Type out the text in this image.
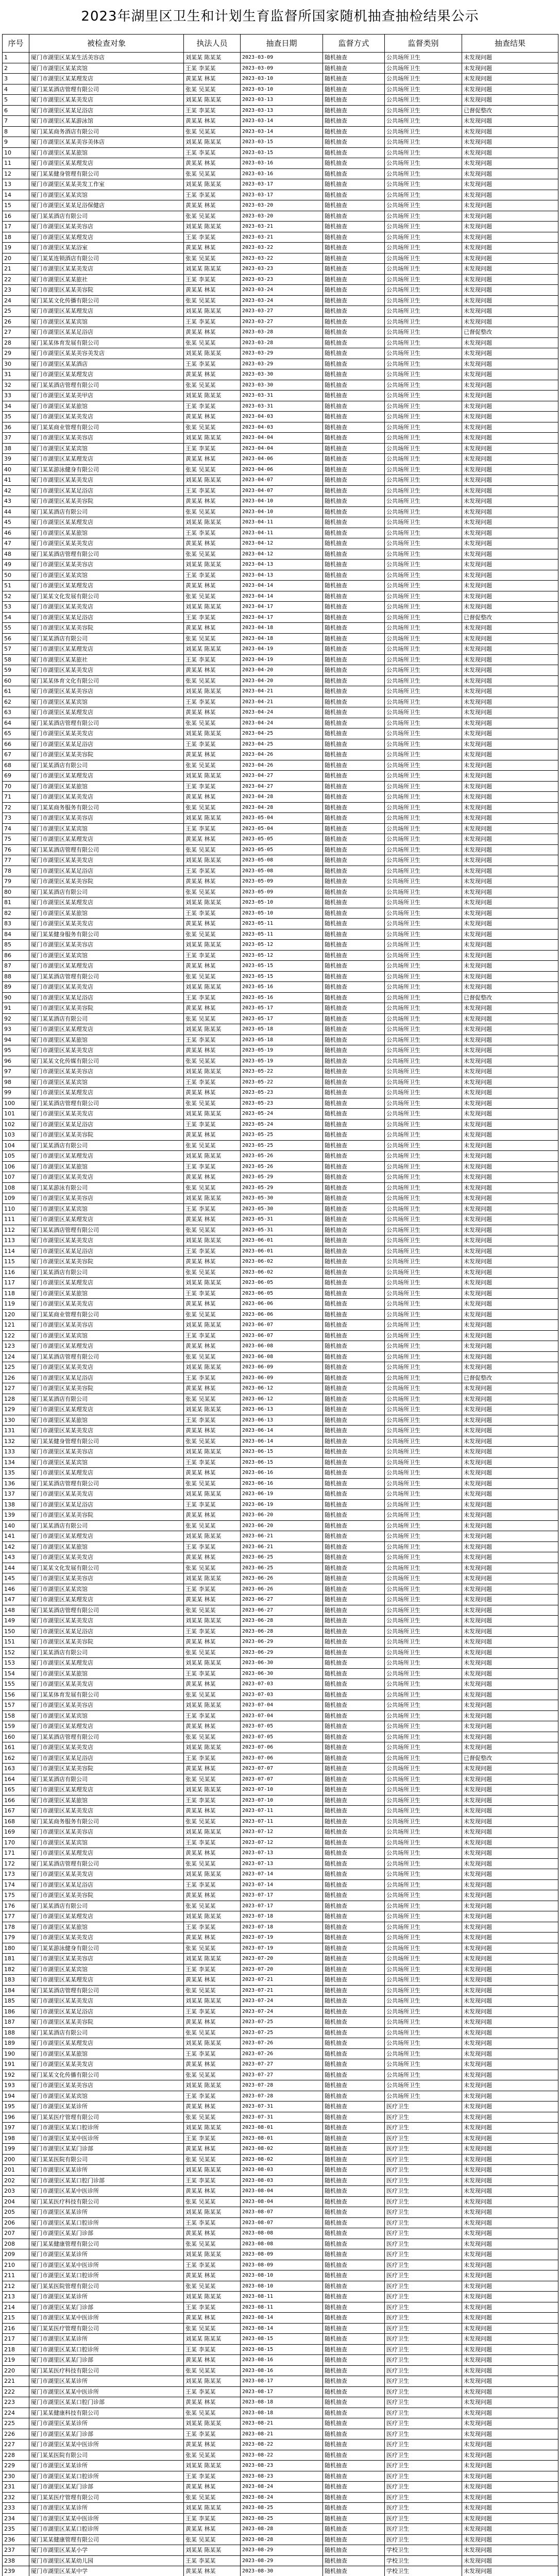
2023年湖里区卫生和计划生育监督所国家随机抽查抽检结果公示
序号	被检查对象	执法人员	抽查日期	监督方式	监督类别	抽查结果
1	厦门市湖里区某某生活美容店	刘某某 陈某某	2023-03-09	随机抽查	公共场所卫生	未发现问题
2	厦门市湖里区某某宾馆	王某 李某某	2023-03-09	随机抽查	公共场所卫生	未发现问题
3	厦门市湖里区某某理发店	黄某某 林某	2023-03-10	随机抽查	公共场所卫生	未发现问题
4	厦门某某酒店管理有限公司	张某 吴某某	2023-03-10	随机抽查	公共场所卫生	未发现问题
5	厦门市湖里区某某美发店	刘某某 陈某某	2023-03-13	随机抽查	公共场所卫生	未发现问题
6	厦门市湖里区某某足浴店	王某 李某某	2023-03-13	随机抽查	公共场所卫生	已督促整改
7	厦门市湖里区某某游泳馆	黄某某 林某	2023-03-14	随机抽查	公共场所卫生	未发现问题
8	厦门某某商务酒店有限公司	张某 吴某某	2023-03-14	随机抽查	公共场所卫生	未发现问题
9	厦门市湖里区某某美容美体店	刘某某 陈某某	2023-03-15	随机抽查	公共场所卫生	未发现问题
10	厦门市湖里区某某旅馆	王某 李某某	2023-03-15	随机抽查	公共场所卫生	未发现问题
11	厦门市湖里区某某理发店	黄某某 林某	2023-03-16	随机抽查	公共场所卫生	未发现问题
12	厦门某某健身管理有限公司	张某 吴某某	2023-03-16	随机抽查	公共场所卫生	未发现问题
13	厦门市湖里区某某美发工作室	刘某某 陈某某	2023-03-17	随机抽查	公共场所卫生	未发现问题
14	厦门市湖里区某某宾馆	王某 李某某	2023-03-17	随机抽查	公共场所卫生	未发现问题
15	厦门市湖里区某某足浴保健店	黄某某 林某	2023-03-20	随机抽查	公共场所卫生	未发现问题
16	厦门某某酒店有限公司	张某 吴某某	2023-03-20	随机抽查	公共场所卫生	未发现问题
17	厦门市湖里区某某美容店	刘某某 陈某某	2023-03-21	随机抽查	公共场所卫生	未发现问题
18	厦门市湖里区某某理发店	王某 李某某	2023-03-21	随机抽查	公共场所卫生	未发现问题
19	厦门市湖里区某某浴室	黄某某 林某	2023-03-22	随机抽查	公共场所卫生	未发现问题
20	厦门某某连锁酒店有限公司	张某 吴某某	2023-03-22	随机抽查	公共场所卫生	未发现问题
21	厦门市湖里区某某美发店	刘某某 陈某某	2023-03-23	随机抽查	公共场所卫生	未发现问题
22	厦门市湖里区某某旅社	王某 李某某	2023-03-23	随机抽查	公共场所卫生	未发现问题
23	厦门市湖里区某某美容院	黄某某 林某	2023-03-24	随机抽查	公共场所卫生	未发现问题
24	厦门某某文化传播有限公司	张某 吴某某	2023-03-24	随机抽查	公共场所卫生	未发现问题
25	厦门市湖里区某某理发店	刘某某 陈某某	2023-03-27	随机抽查	公共场所卫生	未发现问题
26	厦门市湖里区某某宾馆	王某 李某某	2023-03-27	随机抽查	公共场所卫生	未发现问题
27	厦门市湖里区某某足浴店	黄某某 林某	2023-03-28	随机抽查	公共场所卫生	已督促整改
28	厦门某某体育发展有限公司	张某 吴某某	2023-03-28	随机抽查	公共场所卫生	未发现问题
29	厦门市湖里区某某美容美发店	刘某某 陈某某	2023-03-29	随机抽查	公共场所卫生	未发现问题
30	厦门市湖里区某某酒店	王某 李某某	2023-03-29	随机抽查	公共场所卫生	未发现问题
31	厦门市湖里区某某理发店	黄某某 林某	2023-03-30	随机抽查	公共场所卫生	未发现问题
32	厦门某某酒店管理有限公司	张某 吴某某	2023-03-30	随机抽查	公共场所卫生	未发现问题
33	厦门市湖里区某某美甲店	刘某某 陈某某	2023-03-31	随机抽查	公共场所卫生	未发现问题
34	厦门市湖里区某某旅馆	王某 李某某	2023-03-31	随机抽查	公共场所卫生	未发现问题
35	厦门市湖里区某某美发店	黄某某 林某	2023-04-03	随机抽查	公共场所卫生	未发现问题
36	厦门某某商业管理有限公司	张某 吴某某	2023-04-03	随机抽查	公共场所卫生	未发现问题
37	厦门市湖里区某某美容店	刘某某 陈某某	2023-04-04	随机抽查	公共场所卫生	未发现问题
38	厦门市湖里区某某宾馆	王某 李某某	2023-04-04	随机抽查	公共场所卫生	未发现问题
39	厦门市湖里区某某理发店	黄某某 林某	2023-04-06	随机抽查	公共场所卫生	未发现问题
40	厦门某某游泳健身有限公司	张某 吴某某	2023-04-06	随机抽查	公共场所卫生	未发现问题
41	厦门市湖里区某某美发店	刘某某 陈某某	2023-04-07	随机抽查	公共场所卫生	未发现问题
42	厦门市湖里区某某足浴店	王某 李某某	2023-04-07	随机抽查	公共场所卫生	未发现问题
43	厦门市湖里区某某美容院	黄某某 林某	2023-04-10	随机抽查	公共场所卫生	未发现问题
44	厦门某某酒店有限公司	张某 吴某某	2023-04-10	随机抽查	公共场所卫生	未发现问题
45	厦门市湖里区某某理发店	刘某某 陈某某	2023-04-11	随机抽查	公共场所卫生	未发现问题
46	厦门市湖里区某某旅馆	王某 李某某	2023-04-11	随机抽查	公共场所卫生	未发现问题
47	厦门市湖里区某某美发店	黄某某 林某	2023-04-12	随机抽查	公共场所卫生	未发现问题
48	厦门某某酒店管理有限公司	张某 吴某某	2023-04-12	随机抽查	公共场所卫生	未发现问题
49	厦门市湖里区某某美容店	刘某某 陈某某	2023-04-13	随机抽查	公共场所卫生	未发现问题
50	厦门市湖里区某某宾馆	王某 李某某	2023-04-13	随机抽查	公共场所卫生	未发现问题
51	厦门市湖里区某某理发店	黄某某 林某	2023-04-14	随机抽查	公共场所卫生	未发现问题
52	厦门某某文化发展有限公司	张某 吴某某	2023-04-14	随机抽查	公共场所卫生	未发现问题
53	厦门市湖里区某某美发店	刘某某 陈某某	2023-04-17	随机抽查	公共场所卫生	未发现问题
54	厦门市湖里区某某足浴店	王某 李某某	2023-04-17	随机抽查	公共场所卫生	已督促整改
55	厦门市湖里区某某美容院	黄某某 林某	2023-04-18	随机抽查	公共场所卫生	未发现问题
56	厦门某某酒店有限公司	张某 吴某某	2023-04-18	随机抽查	公共场所卫生	未发现问题
57	厦门市湖里区某某理发店	刘某某 陈某某	2023-04-19	随机抽查	公共场所卫生	未发现问题
58	厦门市湖里区某某旅社	王某 李某某	2023-04-19	随机抽查	公共场所卫生	未发现问题
59	厦门市湖里区某某美发店	黄某某 林某	2023-04-20	随机抽查	公共场所卫生	未发现问题
60	厦门某某体育文化有限公司	张某 吴某某	2023-04-20	随机抽查	公共场所卫生	未发现问题
61	厦门市湖里区某某美容店	刘某某 陈某某	2023-04-21	随机抽查	公共场所卫生	未发现问题
62	厦门市湖里区某某宾馆	王某 李某某	2023-04-21	随机抽查	公共场所卫生	未发现问题
63	厦门市湖里区某某理发店	黄某某 林某	2023-04-24	随机抽查	公共场所卫生	未发现问题
64	厦门某某酒店管理有限公司	张某 吴某某	2023-04-24	随机抽查	公共场所卫生	未发现问题
65	厦门市湖里区某某美发店	刘某某 陈某某	2023-04-25	随机抽查	公共场所卫生	未发现问题
66	厦门市湖里区某某足浴店	王某 李某某	2023-04-25	随机抽查	公共场所卫生	未发现问题
67	厦门市湖里区某某美容院	黄某某 林某	2023-04-26	随机抽查	公共场所卫生	未发现问题
68	厦门某某酒店有限公司	张某 吴某某	2023-04-26	随机抽查	公共场所卫生	未发现问题
69	厦门市湖里区某某理发店	刘某某 陈某某	2023-04-27	随机抽查	公共场所卫生	未发现问题
70	厦门市湖里区某某旅馆	王某 李某某	2023-04-27	随机抽查	公共场所卫生	未发现问题
71	厦门市湖里区某某美发店	黄某某 林某	2023-04-28	随机抽查	公共场所卫生	未发现问题
72	厦门某某商务服务有限公司	张某 吴某某	2023-04-28	随机抽查	公共场所卫生	未发现问题
73	厦门市湖里区某某美容店	刘某某 陈某某	2023-05-04	随机抽查	公共场所卫生	未发现问题
74	厦门市湖里区某某宾馆	王某 李某某	2023-05-04	随机抽查	公共场所卫生	未发现问题
75	厦门市湖里区某某理发店	黄某某 林某	2023-05-05	随机抽查	公共场所卫生	未发现问题
76	厦门某某酒店管理有限公司	张某 吴某某	2023-05-05	随机抽查	公共场所卫生	未发现问题
77	厦门市湖里区某某美发店	刘某某 陈某某	2023-05-08	随机抽查	公共场所卫生	未发现问题
78	厦门市湖里区某某足浴店	王某 李某某	2023-05-08	随机抽查	公共场所卫生	未发现问题
79	厦门市湖里区某某美容院	黄某某 林某	2023-05-09	随机抽查	公共场所卫生	未发现问题
80	厦门某某酒店有限公司	张某 吴某某	2023-05-09	随机抽查	公共场所卫生	未发现问题
81	厦门市湖里区某某理发店	刘某某 陈某某	2023-05-10	随机抽查	公共场所卫生	未发现问题
82	厦门市湖里区某某旅馆	王某 李某某	2023-05-10	随机抽查	公共场所卫生	未发现问题
83	厦门市湖里区某某美发店	黄某某 林某	2023-05-11	随机抽查	公共场所卫生	未发现问题
84	厦门某某健身服务有限公司	张某 吴某某	2023-05-11	随机抽查	公共场所卫生	未发现问题
85	厦门市湖里区某某美容店	刘某某 陈某某	2023-05-12	随机抽查	公共场所卫生	未发现问题
86	厦门市湖里区某某宾馆	王某 李某某	2023-05-12	随机抽查	公共场所卫生	未发现问题
87	厦门市湖里区某某理发店	黄某某 林某	2023-05-15	随机抽查	公共场所卫生	未发现问题
88	厦门某某酒店管理有限公司	张某 吴某某	2023-05-15	随机抽查	公共场所卫生	未发现问题
89	厦门市湖里区某某美发店	刘某某 陈某某	2023-05-16	随机抽查	公共场所卫生	未发现问题
90	厦门市湖里区某某足浴店	王某 李某某	2023-05-16	随机抽查	公共场所卫生	已督促整改
91	厦门市湖里区某某美容院	黄某某 林某	2023-05-17	随机抽查	公共场所卫生	未发现问题
92	厦门某某酒店有限公司	张某 吴某某	2023-05-17	随机抽查	公共场所卫生	未发现问题
93	厦门市湖里区某某理发店	刘某某 陈某某	2023-05-18	随机抽查	公共场所卫生	未发现问题
94	厦门市湖里区某某旅馆	王某 李某某	2023-05-18	随机抽查	公共场所卫生	未发现问题
95	厦门市湖里区某某美发店	黄某某 林某	2023-05-19	随机抽查	公共场所卫生	未发现问题
96	厦门某某文化传媒有限公司	张某 吴某某	2023-05-19	随机抽查	公共场所卫生	未发现问题
97	厦门市湖里区某某美容店	刘某某 陈某某	2023-05-22	随机抽查	公共场所卫生	未发现问题
98	厦门市湖里区某某宾馆	王某 李某某	2023-05-22	随机抽查	公共场所卫生	未发现问题
99	厦门市湖里区某某理发店	黄某某 林某	2023-05-23	随机抽查	公共场所卫生	未发现问题
100	厦门某某酒店管理有限公司	张某 吴某某	2023-05-23	随机抽查	公共场所卫生	未发现问题
101	厦门市湖里区某某美发店	刘某某 陈某某	2023-05-24	随机抽查	公共场所卫生	未发现问题
102	厦门市湖里区某某足浴店	王某 李某某	2023-05-24	随机抽查	公共场所卫生	未发现问题
103	厦门市湖里区某某美容院	黄某某 林某	2023-05-25	随机抽查	公共场所卫生	未发现问题
104	厦门某某酒店有限公司	张某 吴某某	2023-05-25	随机抽查	公共场所卫生	未发现问题
105	厦门市湖里区某某理发店	刘某某 陈某某	2023-05-26	随机抽查	公共场所卫生	未发现问题
106	厦门市湖里区某某旅馆	王某 李某某	2023-05-26	随机抽查	公共场所卫生	未发现问题
107	厦门市湖里区某某美发店	黄某某 林某	2023-05-29	随机抽查	公共场所卫生	未发现问题
108	厦门某某游泳有限公司	张某 吴某某	2023-05-29	随机抽查	公共场所卫生	未发现问题
109	厦门市湖里区某某美容店	刘某某 陈某某	2023-05-30	随机抽查	公共场所卫生	未发现问题
110	厦门市湖里区某某宾馆	王某 李某某	2023-05-30	随机抽查	公共场所卫生	未发现问题
111	厦门市湖里区某某理发店	黄某某 林某	2023-05-31	随机抽查	公共场所卫生	未发现问题
112	厦门某某酒店管理有限公司	张某 吴某某	2023-05-31	随机抽查	公共场所卫生	未发现问题
113	厦门市湖里区某某美发店	刘某某 陈某某	2023-06-01	随机抽查	公共场所卫生	未发现问题
114	厦门市湖里区某某足浴店	王某 李某某	2023-06-01	随机抽查	公共场所卫生	未发现问题
115	厦门市湖里区某某美容院	黄某某 林某	2023-06-02	随机抽查	公共场所卫生	未发现问题
116	厦门某某酒店有限公司	张某 吴某某	2023-06-02	随机抽查	公共场所卫生	未发现问题
117	厦门市湖里区某某理发店	刘某某 陈某某	2023-06-05	随机抽查	公共场所卫生	未发现问题
118	厦门市湖里区某某旅馆	王某 李某某	2023-06-05	随机抽查	公共场所卫生	未发现问题
119	厦门市湖里区某某美发店	黄某某 林某	2023-06-06	随机抽查	公共场所卫生	未发现问题
120	厦门某某商业管理有限公司	张某 吴某某	2023-06-06	随机抽查	公共场所卫生	未发现问题
121	厦门市湖里区某某美容店	刘某某 陈某某	2023-06-07	随机抽查	公共场所卫生	未发现问题
122	厦门市湖里区某某宾馆	王某 李某某	2023-06-07	随机抽查	公共场所卫生	未发现问题
123	厦门市湖里区某某理发店	黄某某 林某	2023-06-08	随机抽查	公共场所卫生	未发现问题
124	厦门某某酒店管理有限公司	张某 吴某某	2023-06-08	随机抽查	公共场所卫生	未发现问题
125	厦门市湖里区某某美发店	刘某某 陈某某	2023-06-09	随机抽查	公共场所卫生	未发现问题
126	厦门市湖里区某某足浴店	王某 李某某	2023-06-09	随机抽查	公共场所卫生	已督促整改
127	厦门市湖里区某某美容院	黄某某 林某	2023-06-12	随机抽查	公共场所卫生	未发现问题
128	厦门某某酒店有限公司	张某 吴某某	2023-06-12	随机抽查	公共场所卫生	未发现问题
129	厦门市湖里区某某理发店	刘某某 陈某某	2023-06-13	随机抽查	公共场所卫生	未发现问题
130	厦门市湖里区某某旅馆	王某 李某某	2023-06-13	随机抽查	公共场所卫生	未发现问题
131	厦门市湖里区某某美发店	黄某某 林某	2023-06-14	随机抽查	公共场所卫生	未发现问题
132	厦门某某健身管理有限公司	张某 吴某某	2023-06-14	随机抽查	公共场所卫生	未发现问题
133	厦门市湖里区某某美容店	刘某某 陈某某	2023-06-15	随机抽查	公共场所卫生	未发现问题
134	厦门市湖里区某某宾馆	王某 李某某	2023-06-15	随机抽查	公共场所卫生	未发现问题
135	厦门市湖里区某某理发店	黄某某 林某	2023-06-16	随机抽查	公共场所卫生	未发现问题
136	厦门某某酒店管理有限公司	张某 吴某某	2023-06-16	随机抽查	公共场所卫生	未发现问题
137	厦门市湖里区某某美发店	刘某某 陈某某	2023-06-19	随机抽查	公共场所卫生	未发现问题
138	厦门市湖里区某某足浴店	王某 李某某	2023-06-19	随机抽查	公共场所卫生	未发现问题
139	厦门市湖里区某某美容院	黄某某 林某	2023-06-20	随机抽查	公共场所卫生	未发现问题
140	厦门某某酒店有限公司	张某 吴某某	2023-06-20	随机抽查	公共场所卫生	未发现问题
141	厦门市湖里区某某理发店	刘某某 陈某某	2023-06-21	随机抽查	公共场所卫生	未发现问题
142	厦门市湖里区某某旅馆	王某 李某某	2023-06-21	随机抽查	公共场所卫生	未发现问题
143	厦门市湖里区某某美发店	黄某某 林某	2023-06-25	随机抽查	公共场所卫生	未发现问题
144	厦门某某文化发展有限公司	张某 吴某某	2023-06-25	随机抽查	公共场所卫生	未发现问题
145	厦门市湖里区某某美容店	刘某某 陈某某	2023-06-26	随机抽查	公共场所卫生	未发现问题
146	厦门市湖里区某某宾馆	王某 李某某	2023-06-26	随机抽查	公共场所卫生	未发现问题
147	厦门市湖里区某某理发店	黄某某 林某	2023-06-27	随机抽查	公共场所卫生	未发现问题
148	厦门某某酒店管理有限公司	张某 吴某某	2023-06-27	随机抽查	公共场所卫生	未发现问题
149	厦门市湖里区某某美发店	刘某某 陈某某	2023-06-28	随机抽查	公共场所卫生	未发现问题
150	厦门市湖里区某某足浴店	王某 李某某	2023-06-28	随机抽查	公共场所卫生	未发现问题
151	厦门市湖里区某某美容院	黄某某 林某	2023-06-29	随机抽查	公共场所卫生	未发现问题
152	厦门某某酒店有限公司	张某 吴某某	2023-06-29	随机抽查	公共场所卫生	未发现问题
153	厦门市湖里区某某理发店	刘某某 陈某某	2023-06-30	随机抽查	公共场所卫生	未发现问题
154	厦门市湖里区某某旅馆	王某 李某某	2023-06-30	随机抽查	公共场所卫生	未发现问题
155	厦门市湖里区某某美发店	黄某某 林某	2023-07-03	随机抽查	公共场所卫生	未发现问题
156	厦门某某体育发展有限公司	张某 吴某某	2023-07-03	随机抽查	公共场所卫生	未发现问题
157	厦门市湖里区某某美容店	刘某某 陈某某	2023-07-04	随机抽查	公共场所卫生	未发现问题
158	厦门市湖里区某某宾馆	王某 李某某	2023-07-04	随机抽查	公共场所卫生	未发现问题
159	厦门市湖里区某某理发店	黄某某 林某	2023-07-05	随机抽查	公共场所卫生	未发现问题
160	厦门某某酒店管理有限公司	张某 吴某某	2023-07-05	随机抽查	公共场所卫生	未发现问题
161	厦门市湖里区某某美发店	刘某某 陈某某	2023-07-06	随机抽查	公共场所卫生	未发现问题
162	厦门市湖里区某某足浴店	王某 李某某	2023-07-06	随机抽查	公共场所卫生	已督促整改
163	厦门市湖里区某某美容院	黄某某 林某	2023-07-07	随机抽查	公共场所卫生	未发现问题
164	厦门某某酒店有限公司	张某 吴某某	2023-07-07	随机抽查	公共场所卫生	未发现问题
165	厦门市湖里区某某理发店	刘某某 陈某某	2023-07-10	随机抽查	公共场所卫生	未发现问题
166	厦门市湖里区某某旅馆	王某 李某某	2023-07-10	随机抽查	公共场所卫生	未发现问题
167	厦门市湖里区某某美发店	黄某某 林某	2023-07-11	随机抽查	公共场所卫生	未发现问题
168	厦门某某商务服务有限公司	张某 吴某某	2023-07-11	随机抽查	公共场所卫生	未发现问题
169	厦门市湖里区某某美容店	刘某某 陈某某	2023-07-12	随机抽查	公共场所卫生	未发现问题
170	厦门市湖里区某某宾馆	王某 李某某	2023-07-12	随机抽查	公共场所卫生	未发现问题
171	厦门市湖里区某某理发店	黄某某 林某	2023-07-13	随机抽查	公共场所卫生	未发现问题
172	厦门某某酒店管理有限公司	张某 吴某某	2023-07-13	随机抽查	公共场所卫生	未发现问题
173	厦门市湖里区某某美发店	刘某某 陈某某	2023-07-14	随机抽查	公共场所卫生	未发现问题
174	厦门市湖里区某某足浴店	王某 李某某	2023-07-14	随机抽查	公共场所卫生	未发现问题
175	厦门市湖里区某某美容院	黄某某 林某	2023-07-17	随机抽查	公共场所卫生	未发现问题
176	厦门某某酒店有限公司	张某 吴某某	2023-07-17	随机抽查	公共场所卫生	未发现问题
177	厦门市湖里区某某理发店	刘某某 陈某某	2023-07-18	随机抽查	公共场所卫生	未发现问题
178	厦门市湖里区某某旅馆	王某 李某某	2023-07-18	随机抽查	公共场所卫生	未发现问题
179	厦门市湖里区某某美发店	黄某某 林某	2023-07-19	随机抽查	公共场所卫生	未发现问题
180	厦门某某游泳健身有限公司	张某 吴某某	2023-07-19	随机抽查	公共场所卫生	未发现问题
181	厦门市湖里区某某美容店	刘某某 陈某某	2023-07-20	随机抽查	公共场所卫生	未发现问题
182	厦门市湖里区某某宾馆	王某 李某某	2023-07-20	随机抽查	公共场所卫生	未发现问题
183	厦门市湖里区某某理发店	黄某某 林某	2023-07-21	随机抽查	公共场所卫生	未发现问题
184	厦门某某酒店管理有限公司	张某 吴某某	2023-07-21	随机抽查	公共场所卫生	未发现问题
185	厦门市湖里区某某美发店	刘某某 陈某某	2023-07-24	随机抽查	公共场所卫生	未发现问题
186	厦门市湖里区某某足浴店	王某 李某某	2023-07-24	随机抽查	公共场所卫生	未发现问题
187	厦门市湖里区某某美容院	黄某某 林某	2023-07-25	随机抽查	公共场所卫生	未发现问题
188	厦门某某酒店有限公司	张某 吴某某	2023-07-25	随机抽查	公共场所卫生	未发现问题
189	厦门市湖里区某某理发店	刘某某 陈某某	2023-07-26	随机抽查	公共场所卫生	未发现问题
190	厦门市湖里区某某旅馆	王某 李某某	2023-07-26	随机抽查	公共场所卫生	未发现问题
191	厦门市湖里区某某美发店	黄某某 林某	2023-07-27	随机抽查	公共场所卫生	未发现问题
192	厦门某某文化传播有限公司	张某 吴某某	2023-07-27	随机抽查	公共场所卫生	未发现问题
193	厦门市湖里区某某美容店	刘某某 陈某某	2023-07-28	随机抽查	公共场所卫生	未发现问题
194	厦门市湖里区某某宾馆	王某 李某某	2023-07-28	随机抽查	公共场所卫生	未发现问题
195	厦门市湖里区某某诊所	黄某某 林某	2023-07-31	随机抽查	医疗卫生	未发现问题
196	厦门某某医疗管理有限公司	张某 吴某某	2023-07-31	随机抽查	医疗卫生	未发现问题
197	厦门市湖里区某某口腔诊所	刘某某 陈某某	2023-08-01	随机抽查	医疗卫生	未发现问题
198	厦门市湖里区某某中医诊所	王某 李某某	2023-08-01	随机抽查	医疗卫生	未发现问题
199	厦门市湖里区某某门诊部	黄某某 林某	2023-08-02	随机抽查	医疗卫生	未发现问题
200	厦门某某医院有限公司	张某 吴某某	2023-08-02	随机抽查	医疗卫生	未发现问题
201	厦门市湖里区某某诊所	刘某某 陈某某	2023-08-03	随机抽查	医疗卫生	未发现问题
202	厦门市湖里区某某口腔门诊部	王某 李某某	2023-08-03	随机抽查	医疗卫生	未发现问题
203	厦门市湖里区某某中医诊所	黄某某 林某	2023-08-04	随机抽查	医疗卫生	未发现问题
204	厦门某某医疗科技有限公司	张某 吴某某	2023-08-04	随机抽查	医疗卫生	未发现问题
205	厦门市湖里区某某诊所	刘某某 陈某某	2023-08-07	随机抽查	医疗卫生	未发现问题
206	厦门市湖里区某某口腔诊所	王某 李某某	2023-08-07	随机抽查	医疗卫生	未发现问题
207	厦门市湖里区某某门诊部	黄某某 林某	2023-08-08	随机抽查	医疗卫生	未发现问题
208	厦门某某健康管理有限公司	张某 吴某某	2023-08-08	随机抽查	医疗卫生	未发现问题
209	厦门市湖里区某某诊所	刘某某 陈某某	2023-08-09	随机抽查	医疗卫生	未发现问题
210	厦门市湖里区某某中医诊所	王某 李某某	2023-08-09	随机抽查	医疗卫生	未发现问题
211	厦门市湖里区某某口腔诊所	黄某某 林某	2023-08-10	随机抽查	医疗卫生	未发现问题
212	厦门某某医院管理有限公司	张某 吴某某	2023-08-10	随机抽查	医疗卫生	未发现问题
213	厦门市湖里区某某诊所	刘某某 陈某某	2023-08-11	随机抽查	医疗卫生	未发现问题
214	厦门市湖里区某某门诊部	王某 李某某	2023-08-11	随机抽查	医疗卫生	未发现问题
215	厦门市湖里区某某中医诊所	黄某某 林某	2023-08-14	随机抽查	医疗卫生	未发现问题
216	厦门某某医疗管理有限公司	张某 吴某某	2023-08-14	随机抽查	医疗卫生	未发现问题
217	厦门市湖里区某某诊所	刘某某 陈某某	2023-08-15	随机抽查	医疗卫生	未发现问题
218	厦门市湖里区某某口腔诊所	王某 李某某	2023-08-15	随机抽查	医疗卫生	未发现问题
219	厦门市湖里区某某门诊部	黄某某 林某	2023-08-16	随机抽查	医疗卫生	未发现问题
220	厦门某某医疗科技有限公司	张某 吴某某	2023-08-16	随机抽查	医疗卫生	未发现问题
221	厦门市湖里区某某诊所	刘某某 陈某某	2023-08-17	随机抽查	医疗卫生	未发现问题
222	厦门市湖里区某某中医诊所	王某 李某某	2023-08-17	随机抽查	医疗卫生	未发现问题
223	厦门市湖里区某某口腔门诊部	黄某某 林某	2023-08-18	随机抽查	医疗卫生	未发现问题
224	厦门某某健康科技有限公司	张某 吴某某	2023-08-18	随机抽查	医疗卫生	未发现问题
225	厦门市湖里区某某诊所	刘某某 陈某某	2023-08-21	随机抽查	医疗卫生	未发现问题
226	厦门市湖里区某某门诊部	王某 李某某	2023-08-21	随机抽查	医疗卫生	未发现问题
227	厦门市湖里区某某中医诊所	黄某某 林某	2023-08-22	随机抽查	医疗卫生	未发现问题
228	厦门某某医院有限公司	张某 吴某某	2023-08-22	随机抽查	医疗卫生	未发现问题
229	厦门市湖里区某某诊所	刘某某 陈某某	2023-08-23	随机抽查	医疗卫生	未发现问题
230	厦门市湖里区某某口腔诊所	王某 李某某	2023-08-23	随机抽查	医疗卫生	未发现问题
231	厦门市湖里区某某门诊部	黄某某 林某	2023-08-24	随机抽查	医疗卫生	未发现问题
232	厦门某某医疗管理有限公司	张某 吴某某	2023-08-24	随机抽查	医疗卫生	未发现问题
233	厦门市湖里区某某诊所	刘某某 陈某某	2023-08-25	随机抽查	医疗卫生	未发现问题
234	厦门市湖里区某某中医诊所	王某 李某某	2023-08-25	随机抽查	医疗卫生	未发现问题
235	厦门市湖里区某某口腔诊所	黄某某 林某	2023-08-28	随机抽查	医疗卫生	未发现问题
236	厦门某某健康管理有限公司	张某 吴某某	2023-08-28	随机抽查	医疗卫生	未发现问题
237	厦门市湖里区某某小学	刘某某 陈某某	2023-08-29	随机抽查	学校卫生	未发现问题
238	厦门市湖里区某某幼儿园	王某 李某某	2023-08-29	随机抽查	学校卫生	未发现问题
239	厦门市湖里区某某中学	黄某某 林某	2023-08-30	随机抽查	学校卫生	未发现问题
